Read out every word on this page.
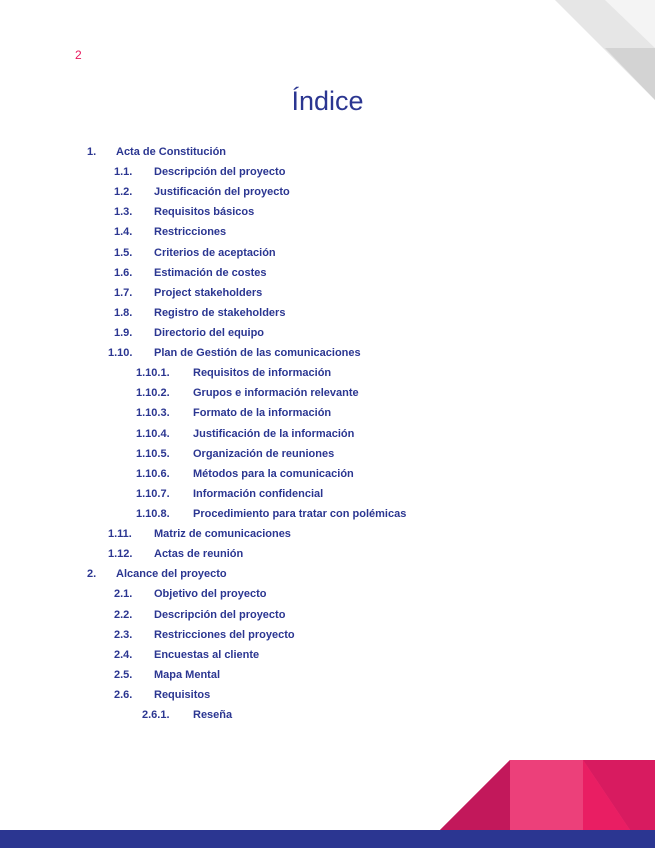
2
Índice
1. Acta de Constitución
1.1. Descripción del proyecto
1.2. Justificación del proyecto
1.3. Requisitos básicos
1.4. Restricciones
1.5. Criterios de aceptación
1.6. Estimación de costes
1.7. Project stakeholders
1.8. Registro de stakeholders
1.9. Directorio del equipo
1.10. Plan de Gestión de las comunicaciones
1.10.1. Requisitos de información
1.10.2. Grupos e información relevante
1.10.3. Formato de la información
1.10.4. Justificación de la información
1.10.5. Organización de reuniones
1.10.6. Métodos para la comunicación
1.10.7. Información confidencial
1.10.8. Procedimiento para tratar con polémicas
1.11. Matriz de comunicaciones
1.12. Actas de reunión
2. Alcance del proyecto
2.1. Objetivo del proyecto
2.2. Descripción del proyecto
2.3. Restricciones del proyecto
2.4. Encuestas al cliente
2.5. Mapa Mental
2.6. Requisitos
2.6.1. Reseña
